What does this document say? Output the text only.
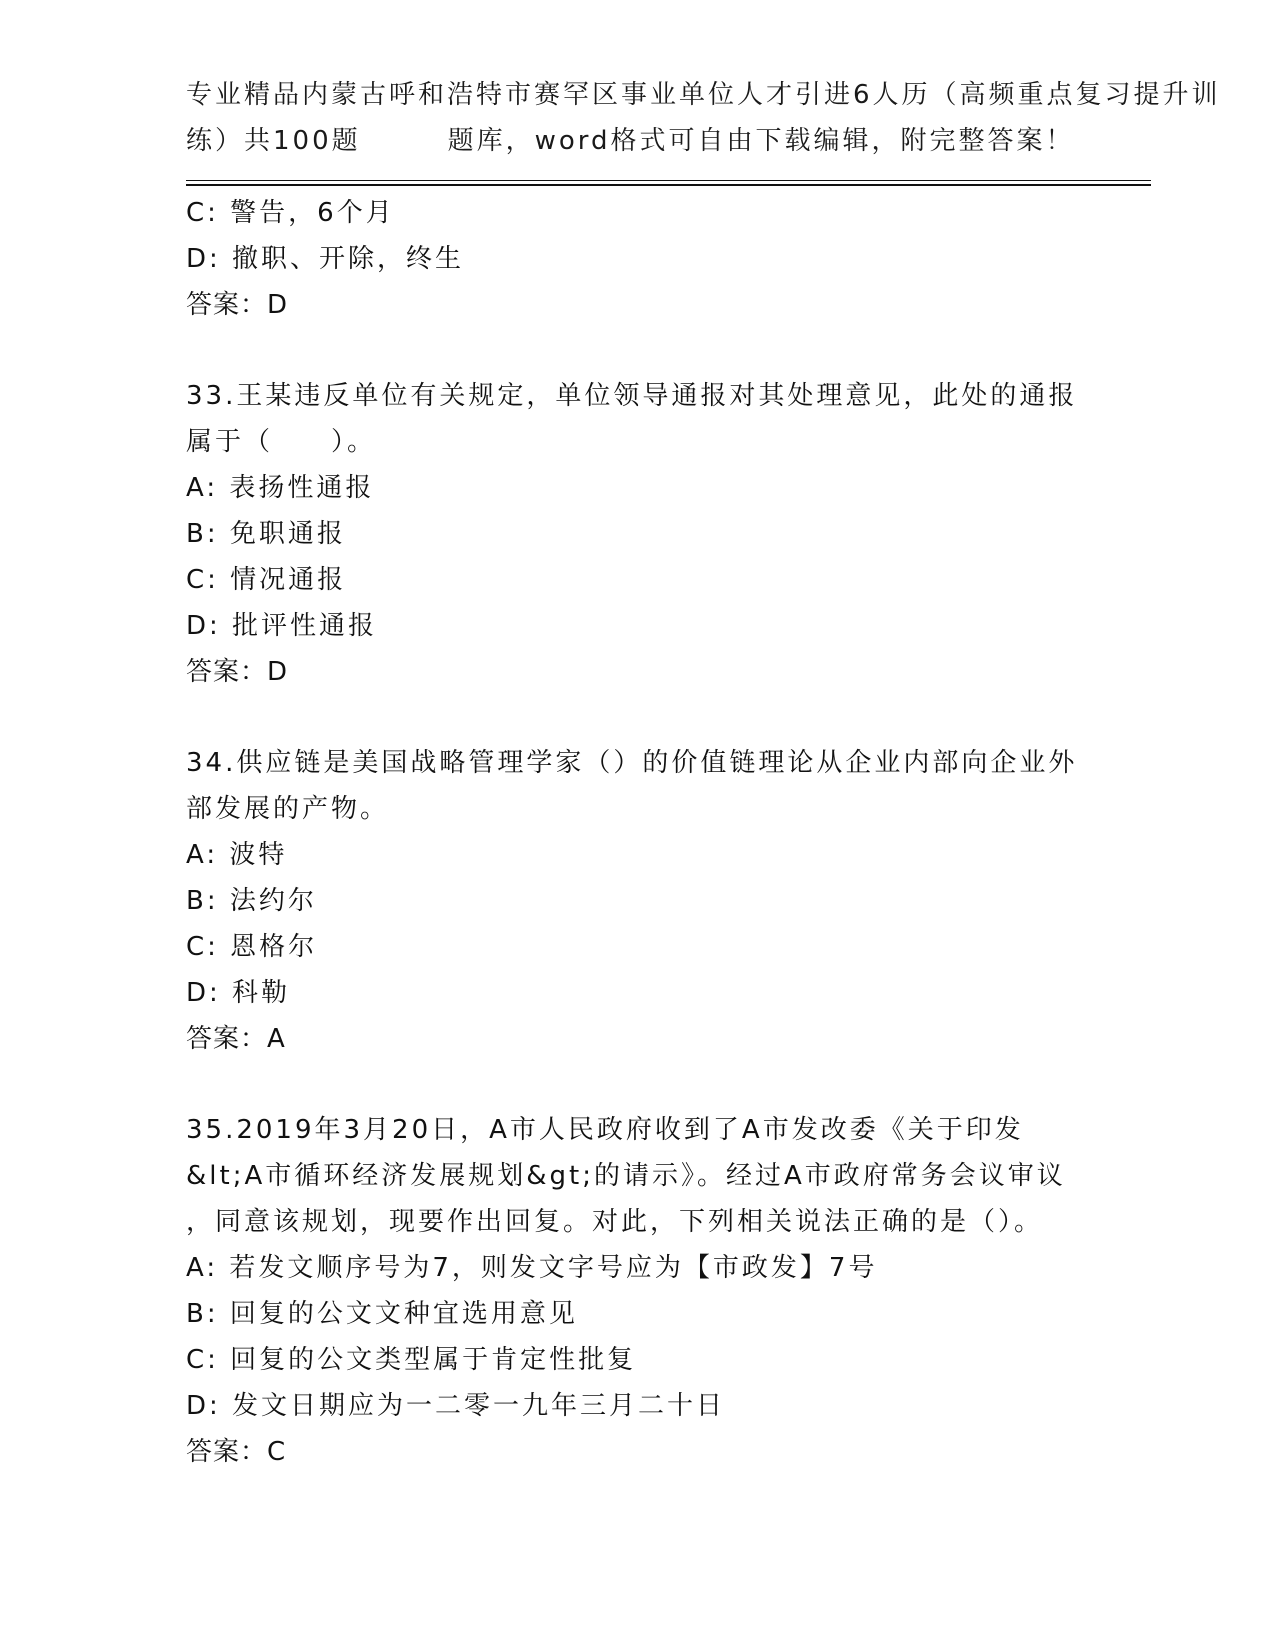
专业精品内蒙古呼和浩特市赛罕区事业单位人才引进6人历（高频重点复习提升训
练）共100题　　　题库，word格式可自由下载编辑，附完整答案！
C: 警告，6个月
D: 撤职、开除，终生
答案：D
33.王某违反单位有关规定，单位领导通报对其处理意见，此处的通报
属于（　　）。
A: 表扬性通报
B: 免职通报
C: 情况通报
D: 批评性通报
答案：D
34.供应链是美国战略管理学家（）的价值链理论从企业内部向企业外
部发展的产物。
A: 波特
B: 法约尔
C: 恩格尔
D: 科勒
答案：A
35.2019年3月20日，A市人民政府收到了A市发改委《关于印发
&lt;A市循环经济发展规划&gt;的请示》。经过A市政府常务会议审议
，同意该规划，现要作出回复。对此，下列相关说法正确的是（）。
A: 若发文顺序号为7，则发文字号应为【市政发】7号
B: 回复的公文文种宜选用意见
C: 回复的公文类型属于肯定性批复
D: 发文日期应为一二零一九年三月二十日
答案：C
